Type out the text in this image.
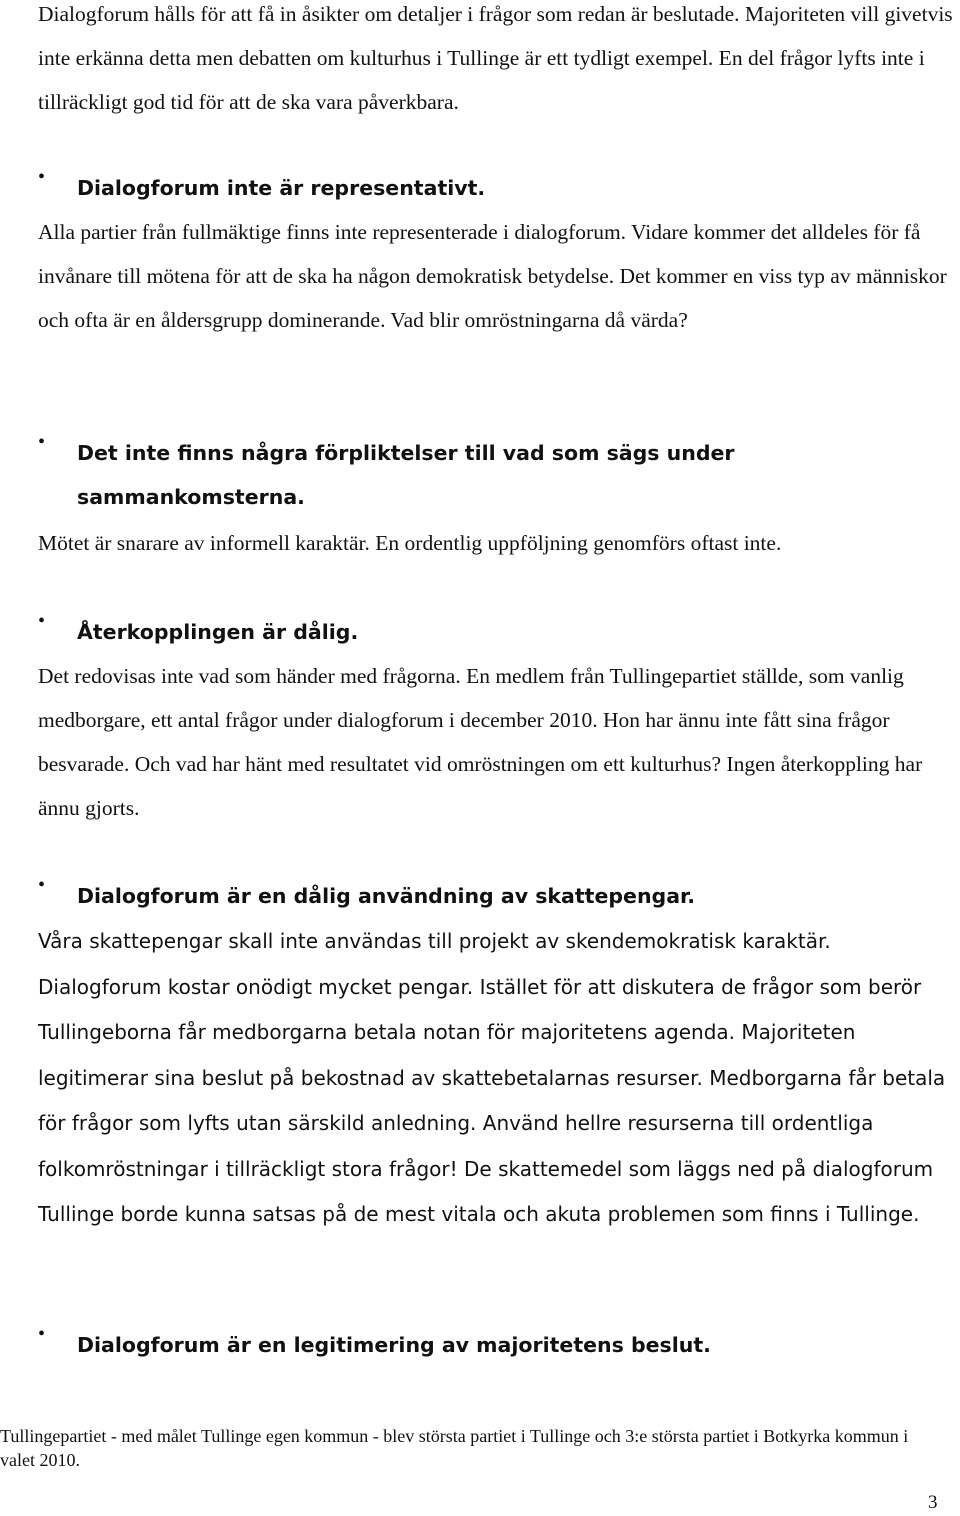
Dialogforum hålls för att få in åsikter om detaljer i frågor som redan är beslutade. Majoriteten vill givetvis inte erkänna detta men debatten om kulturhus i Tullinge är ett tydligt exempel. En del frågor lyfts inte i tillräckligt god tid för att de ska vara påverkbara.

•	Dialogforum inte är representativt.

Alla partier från fullmäktige finns inte representerade i dialogforum. Vidare kommer det alldeles för få invånare till mötena för att de ska ha någon demokratisk betydelse. Det kommer en viss typ av människor och ofta är en åldersgrupp dominerande. Vad blir omröstningarna då värda?

•	Det inte finns några förpliktelser till vad som sägs under sammankomsterna.

Mötet är snarare av informell karaktär. En ordentlig uppföljning genomförs oftast inte.

•	Återkopplingen är dålig.

Det redovisas inte vad som händer med frågorna. En medlem från Tullingepartiet ställde, som vanlig medborgare, ett antal frågor under dialogforum i december 2010. Hon har ännu inte fått sina frågor besvarade. Och vad har hänt med resultatet vid omröstningen om ett kulturhus? Ingen återkoppling har ännu gjorts.

•	Dialogforum är en dålig användning av skattepengar.

Våra skattepengar skall inte användas till projekt av skendemokratisk karaktär. Dialogforum kostar onödigt mycket pengar. Istället för att diskutera de frågor som berör Tullingeborna får medborgarna betala notan för majoritetens agenda. Majoriteten legitimerar sina beslut på bekostnad av skattebetalarnas resurser. Medborgarna får betala för frågor som lyfts utan särskild anledning. Använd hellre resurserna till ordentliga folkomröstningar i tillräckligt stora frågor! De skattemedel som läggs ned på dialogforum Tullinge borde kunna satsas på de mest vitala och akuta problemen som finns i Tullinge.

•	Dialogforum är en legitimering av majoritetens beslut.

Tullingepartiet - med målet Tullinge egen kommun - blev största partiet i Tullinge och 3:e största partiet i Botkyrka kommun i valet 2010.

3
